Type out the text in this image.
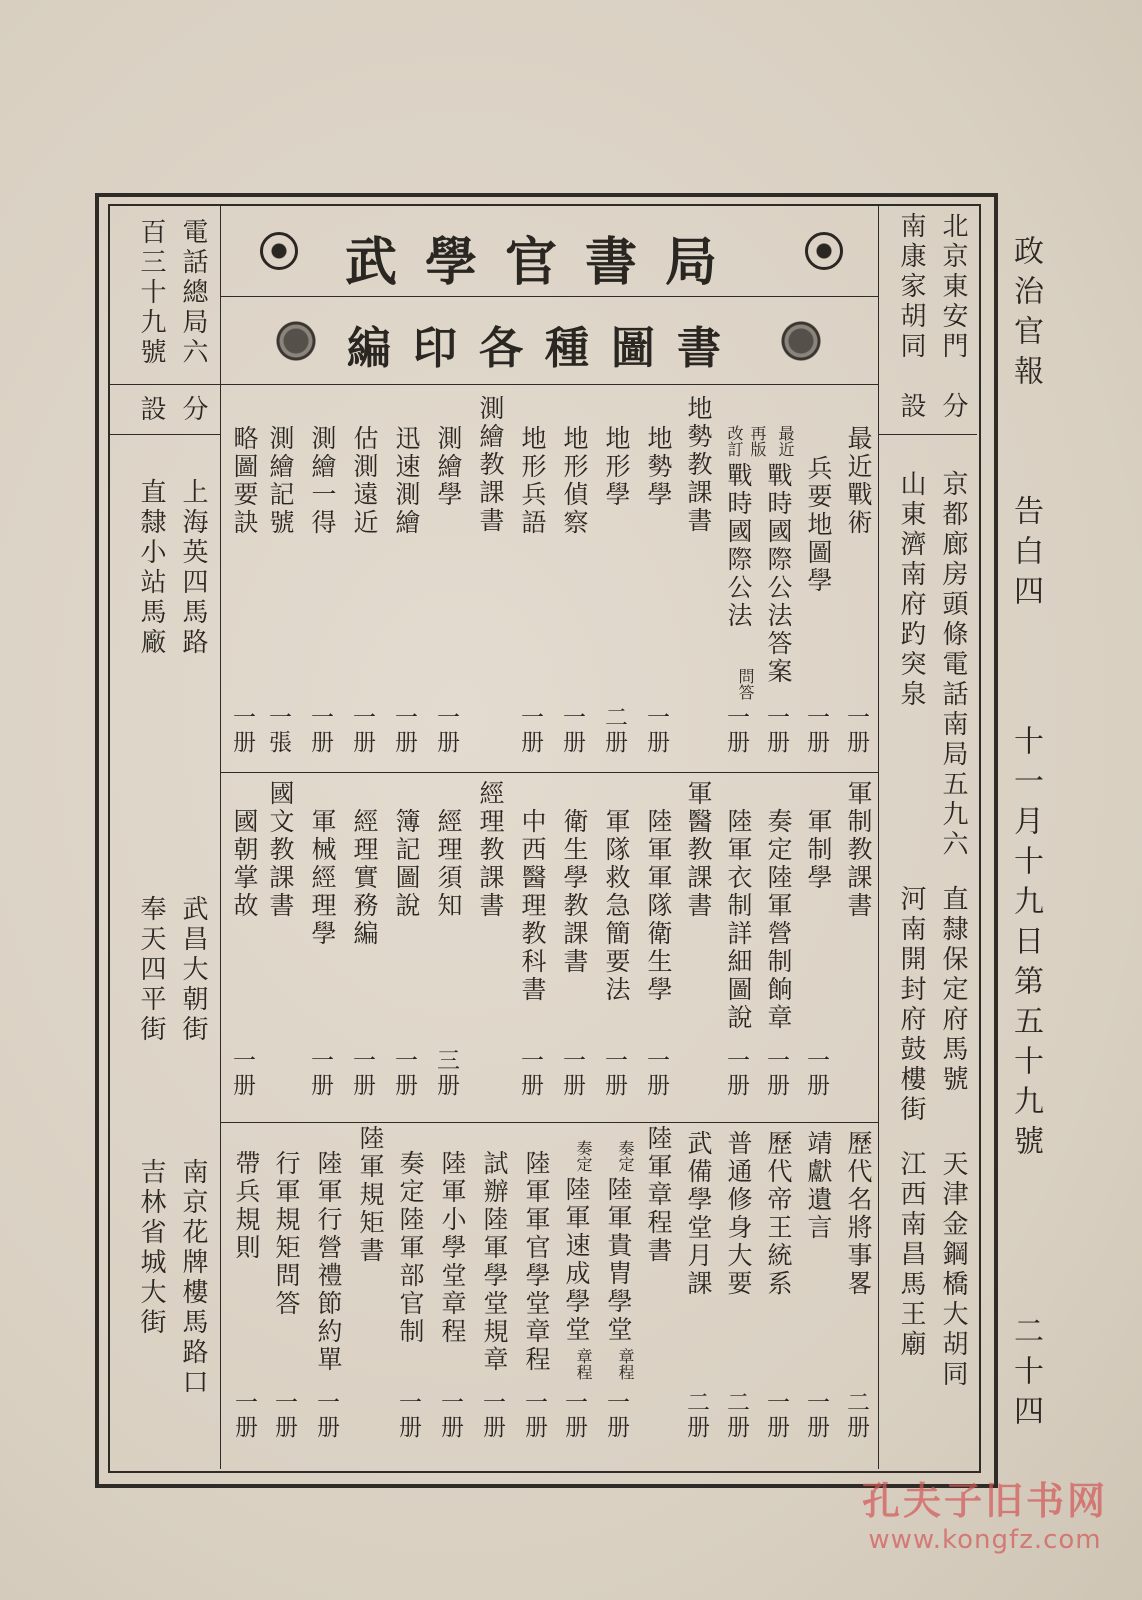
政治官報
告白四
十一月十九日第五十九號
二十四
武學官書局
編印各種圖書	北京東安門
南康家胡同
分
設
京都廊房頭條電話南局五九六
山東濟南府趵突泉
直隸保定府馬號
河南開封府鼓樓街
天津金鋼橋大胡同
江西南昌馬王廟
電話總局六
百三十九號
分
設
上海英四馬路
直隸小站馬廠
武昌大朝街
奉天四平街
南京花牌樓馬路口
吉林省城大街
最近戰術
一册
兵要地圖學
一册
最近
戰時國際公法答案
一册
再版改訂
戰時國際公法
問答
一册
地勢教課書
地勢學
一册
地形學
二册
地形偵察
一册
地形兵語
一册
測繪教課書
測繪學
一册
迅速測繪
一册
估測遠近
一册
測繪一得
一册
測繪記號
一張
略圖要訣
一册
軍制教課書
軍制學
一册
奏定陸軍營制餉章
一册
陸軍衣制詳細圖說
一册
軍醫教課書
陸軍軍隊衛生學
一册
軍隊救急簡要法
一册
衛生學教課書
一册
中西醫理教科書
一册
經理教課書
經理須知
三册
簿記圖說
一册
經理實務編
一册
軍械經理學
一册
國文教課書
國朝掌故
一册
歷代名將事畧
二册
靖獻遺言
一册
歷代帝王統系
一册
普通修身大要
二册
武備學堂月課
二册
陸軍章程書
奏定
陸軍貴胄學堂
章程
一册
奏定
陸軍速成學堂
章程
一册
陸軍軍官學堂章程
一册
試辦陸軍學堂規章
一册
陸軍小學堂章程
一册
奏定陸軍部官制
一册
陸軍規矩書
陸軍行營禮節約單
一册
行軍規矩問答
一册
帶兵規則
一册
孔夫子旧书网
www.kongfz.com
